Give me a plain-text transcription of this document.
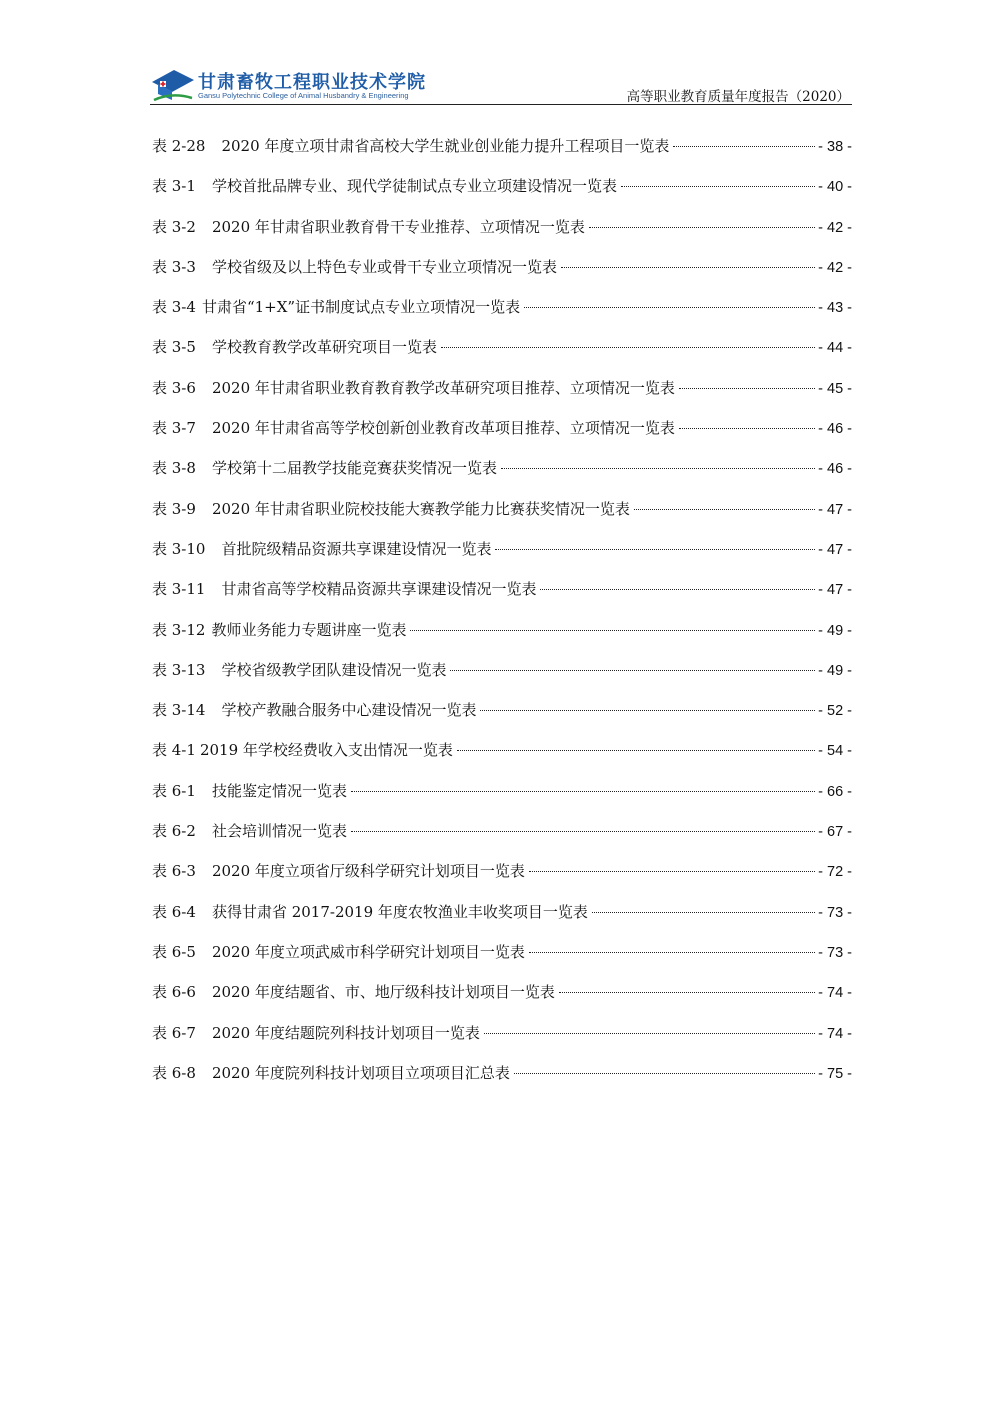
甘肃畜牧工程职业技术学院
Gansu Polytechnic College of Animal Husbandry & Engineering	高等职业教育质量年度报告（2020）
表 2-28 2020 年度立项甘肃省高校大学生就业创业能力提升工程项目一览表	- 38 -
表 3-1 学校首批品牌专业、现代学徒制试点专业立项建设情况一览表	- 40 -
表 3-2 2020 年甘肃省职业教育骨干专业推荐、立项情况一览表	- 42 -
表 3-3 学校省级及以上特色专业或骨干专业立项情况一览表	- 42 -
表 3-4 甘肃省“1+X”证书制度试点专业立项情况一览表	- 43 -
表 3-5 学校教育教学改革研究项目一览表	- 44 -
表 3-6 2020 年甘肃省职业教育教育教学改革研究项目推荐、立项情况一览表	- 45 -
表 3-7 2020 年甘肃省高等学校创新创业教育改革项目推荐、立项情况一览表	- 46 -
表 3-8 学校第十二届教学技能竞赛获奖情况一览表	- 46 -
表 3-9 2020 年甘肃省职业院校技能大赛教学能力比赛获奖情况一览表	- 47 -
表 3-10 首批院级精品资源共享课建设情况一览表	- 47 -
表 3-11 甘肃省高等学校精品资源共享课建设情况一览表	- 47 -
表 3-12 教师业务能力专题讲座一览表	- 49 -
表 3-13 学校省级教学团队建设情况一览表	- 49 -
表 3-14 学校产教融合服务中心建设情况一览表	- 52 -
表 4-1 2019 年学校经费收入支出情况一览表	- 54 -
表 6-1 技能鉴定情况一览表	- 66 -
表 6-2 社会培训情况一览表	- 67 -
表 6-3 2020 年度立项省厅级科学研究计划项目一览表	- 72 -
表 6-4 获得甘肃省 2017-2019 年度农牧渔业丰收奖项目一览表	- 73 -
表 6-5 2020 年度立项武威市科学研究计划项目一览表	- 73 -
表 6-6 2020 年度结题省、市、地厅级科技计划项目一览表	- 74 -
表 6-7 2020 年度结题院列科技计划项目一览表	- 74 -
表 6-8 2020 年度院列科技计划项目立项项目汇总表	- 75 -
